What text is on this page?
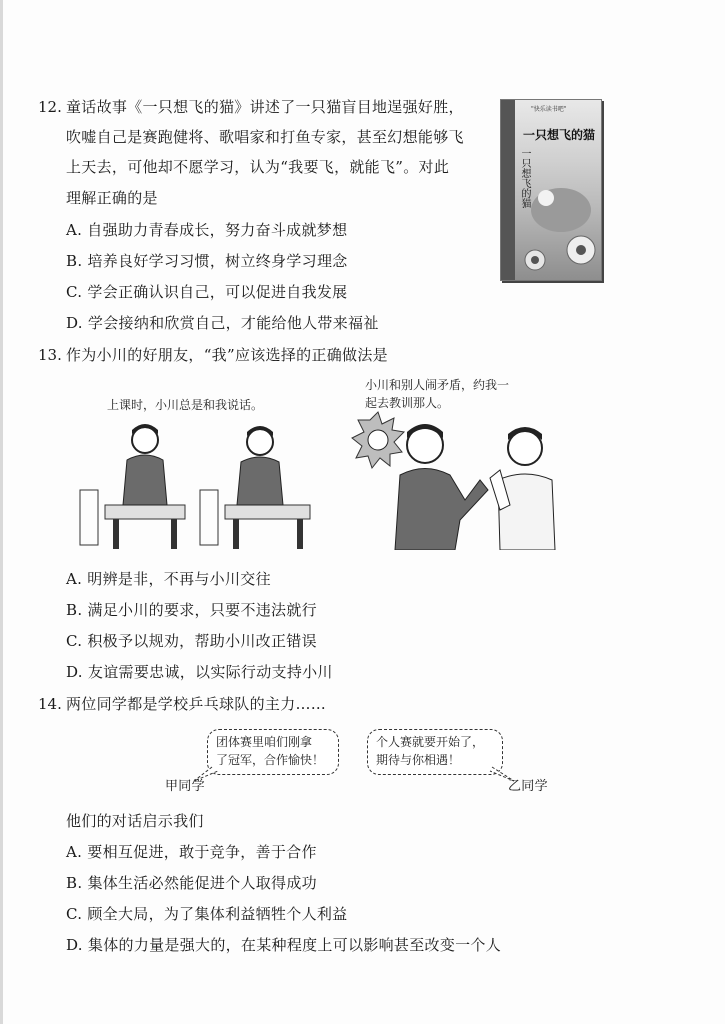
12. 童话故事《一只想飞的猫》讲述了一只猫盲目地逞强好胜，
吹嘘自己是赛跑健将、歌唱家和打鱼专家，甚至幻想能够飞
上天去，可他却不愿学习，认为“我要飞，就能飞”。对此
理解正确的是
A. 自强助力青春成长，努力奋斗成就梦想
B. 培养良好学习习惯，树立终身学习理念
C. 学会正确认识自己，可以促进自我发展
D. 学会接纳和欣赏自己，才能给他人带来福祉
"快乐读书吧"
一只想飞的猫
一只想飞的猫
13. 作为小川的好朋友，“我”应该选择的正确做法是
上课时，小川总是和我说话。
小川和别人闹矛盾，约我一
起去教训那人。
A. 明辨是非，不再与小川交往
B. 满足小川的要求，只要不违法就行
C. 积极予以规劝，帮助小川改正错误
D. 友谊需要忠诚，以实际行动支持小川
14. 两位同学都是学校乒乓球队的主力……
团体赛里咱们刚拿
了冠军，合作愉快！
个人赛就要开始了，
期待与你相遇！
甲同学	乙同学
他们的对话启示我们
A. 要相互促进，敢于竞争，善于合作
B. 集体生活必然能促进个人取得成功
C. 顾全大局，为了集体利益牺牲个人利益
D. 集体的力量是强大的，在某种程度上可以影响甚至改变一个人
